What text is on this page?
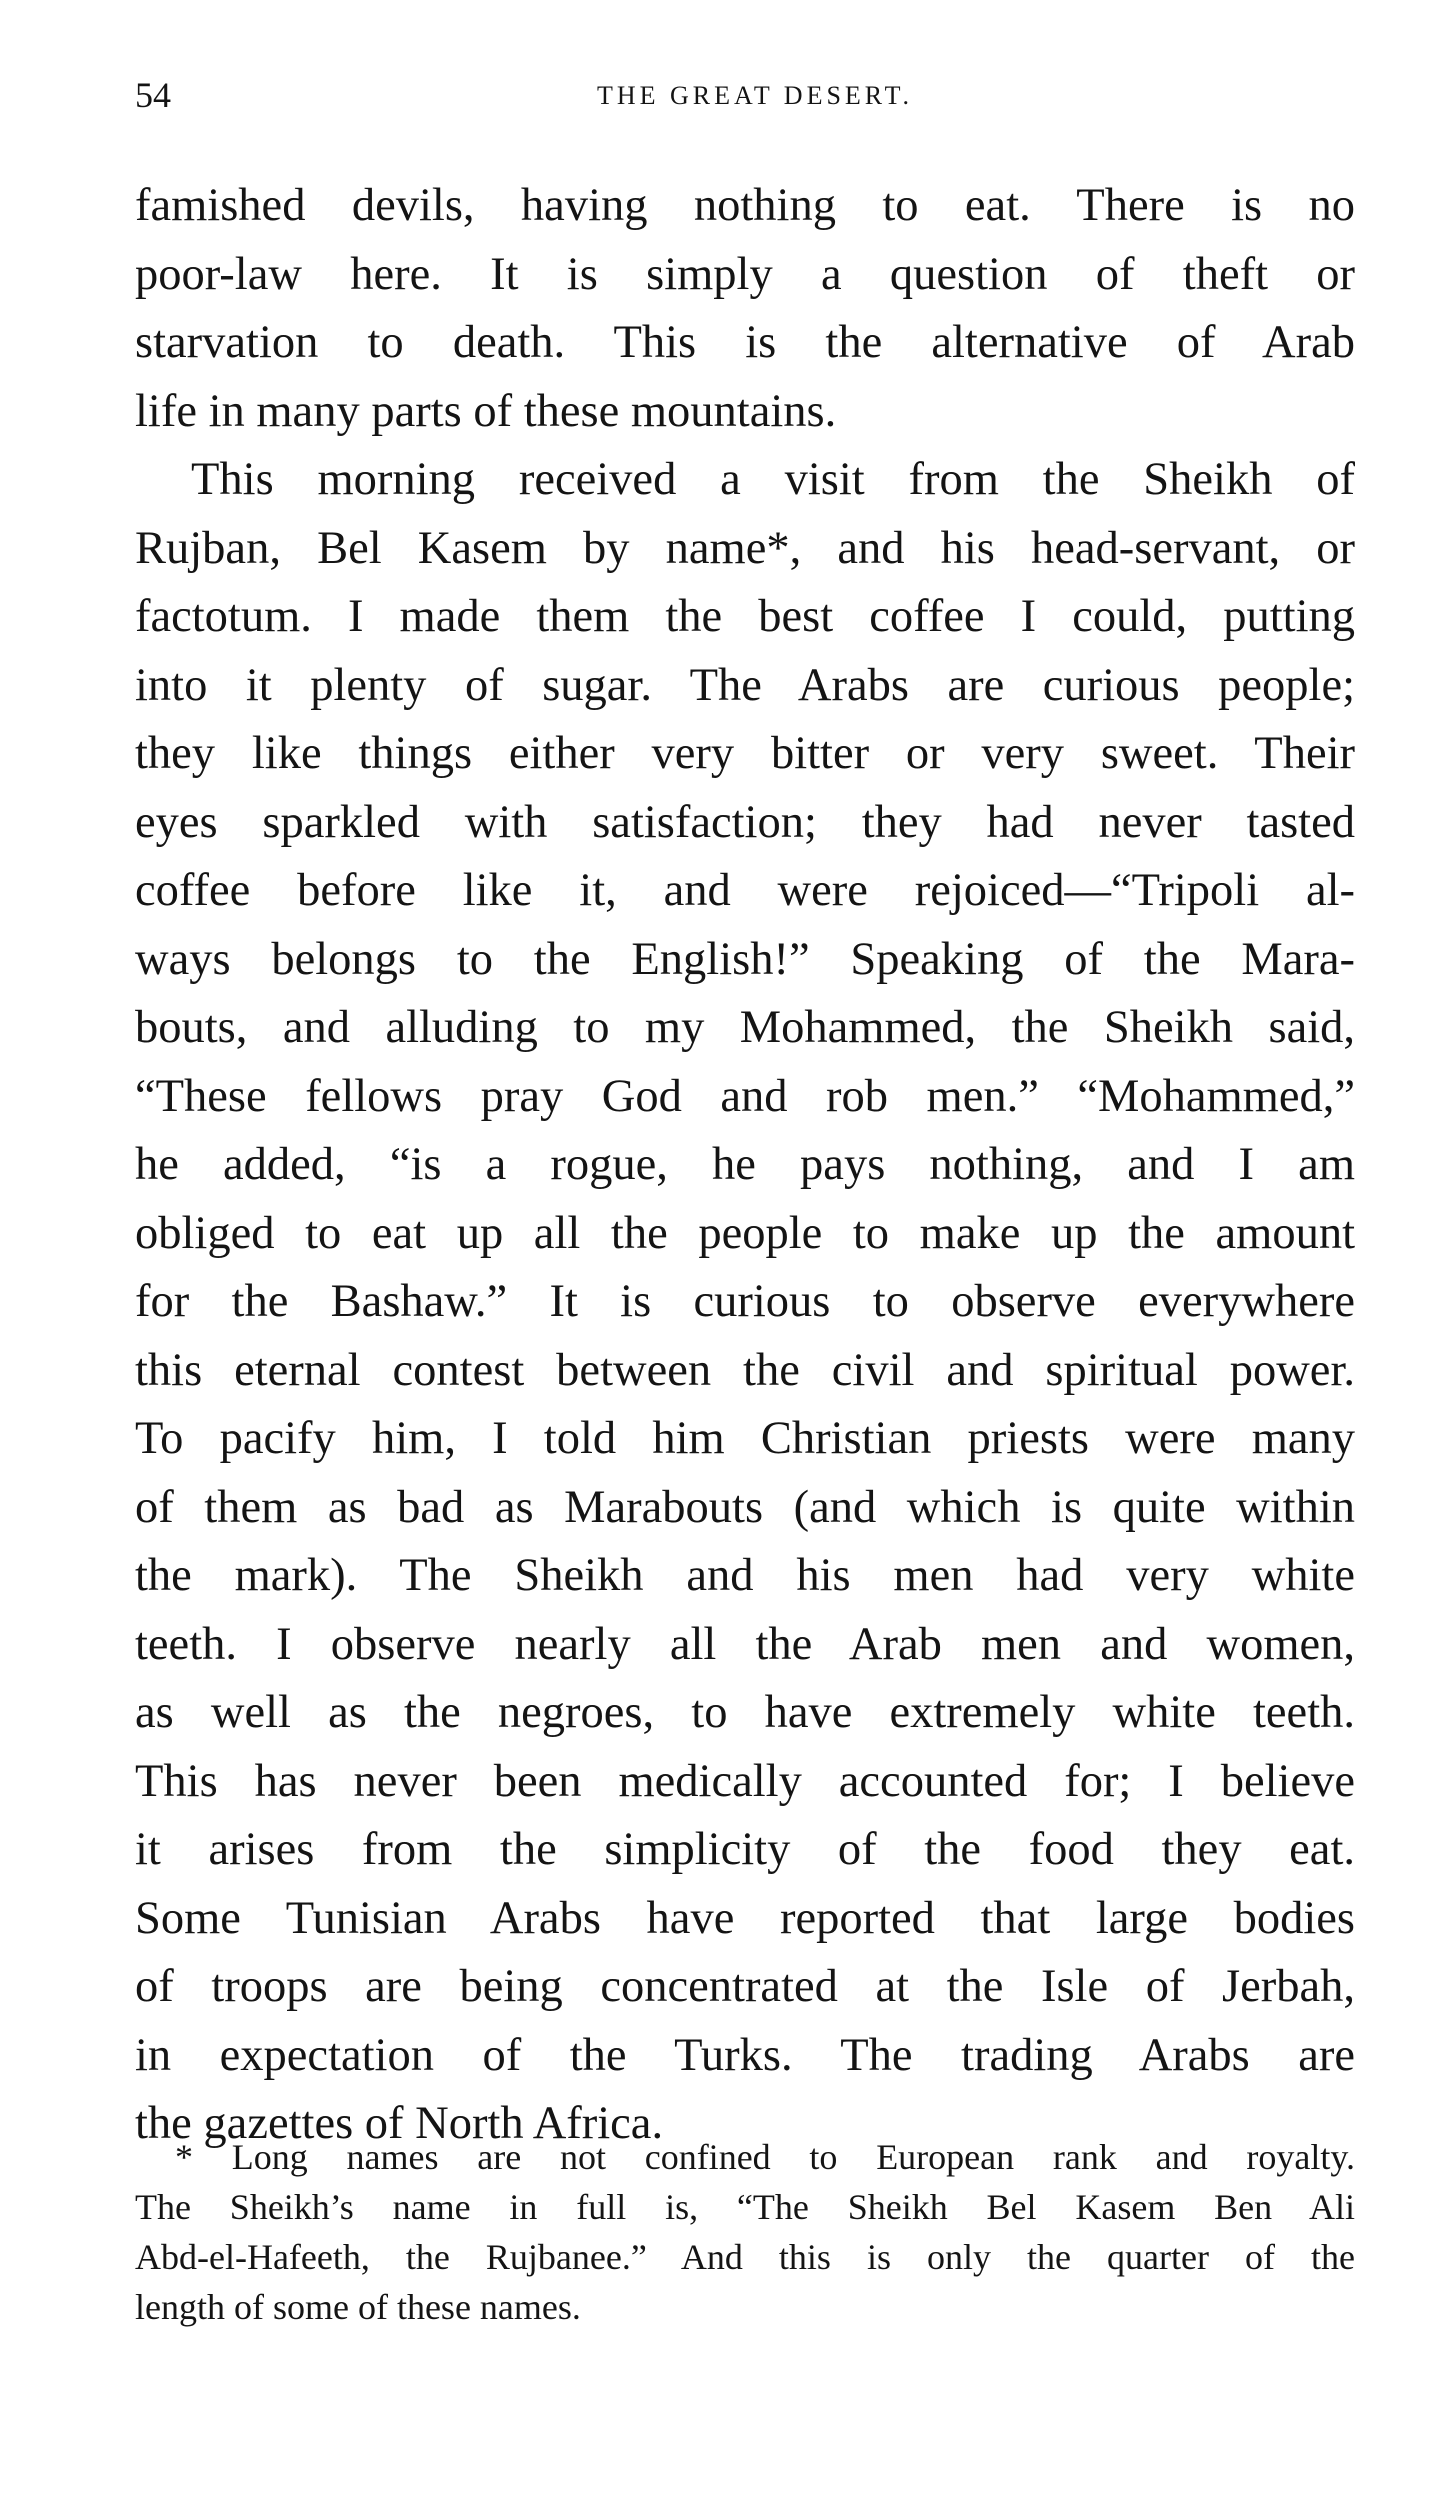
54	THE GREAT DESERT.
famished devils, having nothing to eat. There is no
poor-law here. It is simply a question of theft or
starvation to death. This is the alternative of Arab
life in many parts of these mountains.
This morning received a visit from the Sheikh of
Rujban, Bel Kasem by name*, and his head-servant, or
factotum. I made them the best coffee I could, putting
into it plenty of sugar. The Arabs are curious people;
they like things either very bitter or very sweet. Their
eyes sparkled with satisfaction; they had never tasted
coffee before like it, and were rejoiced—“Tripoli al-
ways belongs to the English!” Speaking of the Mara-
bouts, and alluding to my Mohammed, the Sheikh said,
“These fellows pray God and rob men.” “Mohammed,”
he added, “is a rogue, he pays nothing, and I am
obliged to eat up all the people to make up the amount
for the Bashaw.” It is curious to observe everywhere
this eternal contest between the civil and spiritual power.
To pacify him, I told him Christian priests were many
of them as bad as Marabouts (and which is quite within
the mark). The Sheikh and his men had very white
teeth. I observe nearly all the Arab men and women,
as well as the negroes, to have extremely white teeth.
This has never been medically accounted for; I believe
it arises from the simplicity of the food they eat.
Some Tunisian Arabs have reported that large bodies
of troops are being concentrated at the Isle of Jerbah,
in expectation of the Turks. The trading Arabs are
the gazettes of North Africa.
* Long names are not confined to European rank and royalty.
The Sheikh’s name in full is, “The Sheikh Bel Kasem Ben Ali
Abd-el-Hafeeth, the Rujbanee.” And this is only the quarter of the
length of some of these names.
